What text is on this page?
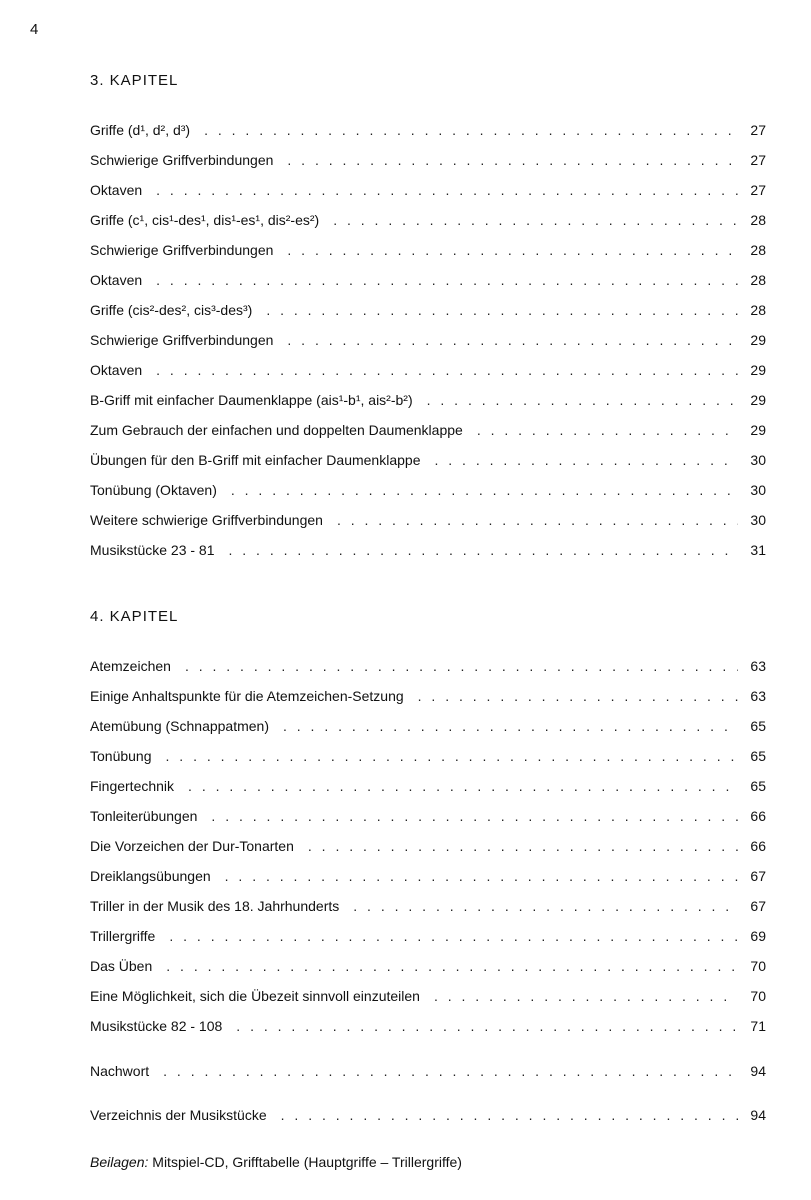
4
3. KAPITEL
Griffe (d¹, d², d³) . . .	27
Schwierige Griffverbindungen . . .	27
Oktaven . . .	27
Griffe (c¹, cis¹-des¹, dis¹-es¹, dis²-es²) . . .	28
Schwierige Griffverbindungen . . .	28
Oktaven . . .	28
Griffe (cis²-des², cis³-des³) . . .	28
Schwierige Griffverbindungen . . .	29
Oktaven . . .	29
B-Griff mit einfacher Daumenklappe (ais¹-b¹, ais²-b²) . . .	29
Zum Gebrauch der einfachen und doppelten Daumenklappe . . .	29
Übungen für den B-Griff mit einfacher Daumenklappe . . .	30
Tonübung (Oktaven) . . .	30
Weitere schwierige Griffverbindungen . . .	30
Musikstücke 23 - 81 . . .	31
4. KAPITEL
Atemzeichen . . .	63
Einige Anhaltspunkte für die Atemzeichen-Setzung . . .	63
Atemübung (Schnappatmen) . . .	65
Tonübung . . .	65
Fingertechnik . . .	65
Tonleiterübungen . . .	66
Die Vorzeichen der Dur-Tonarten . . .	66
Dreiklangsübungen . . .	67
Triller in der Musik des 18. Jahrhunderts . . .	67
Trillergriffe . . .	69
Das Üben . . .	70
Eine Möglichkeit, sich die Übezeit sinnvoll einzuteilen . . .	70
Musikstücke 82 - 108 . . .	71
Nachwort . . .	94
Verzeichnis der Musikstücke . . .	94
Beilagen: Mitspiel-CD, Grifftabelle (Hauptgriffe – Trillergriffe)
